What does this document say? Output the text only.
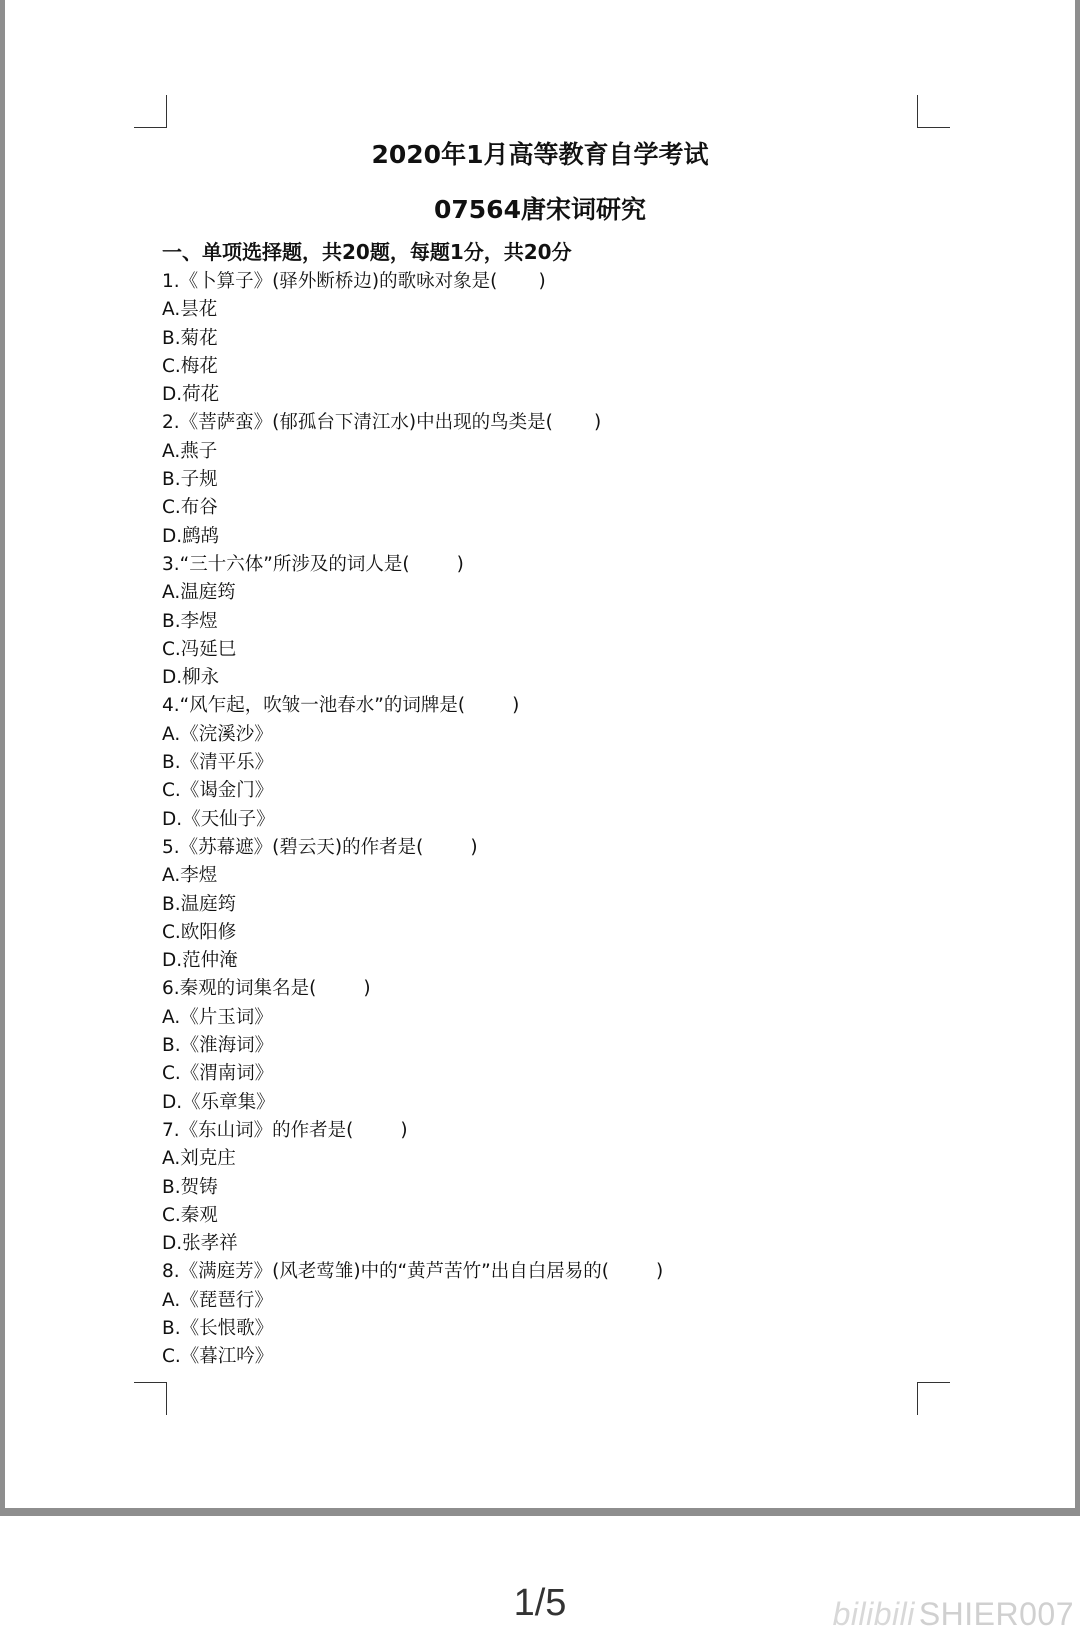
2020年1月高等教育自学考试
07564唐宋词研究
一、单项选择题，共20题，每题1分，共20分
1.《卜算子》(驿外断桥边)的歌咏对象是(       )
A.昙花
B.菊花
C.梅花
D.荷花
2.《菩萨蛮》(郁孤台下清江水)中出现的鸟类是(       )
A.燕子
B.子规
C.布谷
D.鹧鸪
3.“三十六体”所涉及的词人是(        )
A.温庭筠
B.李煜
C.冯延巳
D.柳永
4.“风乍起，吹皱一池春水”的词牌是(        )
A.《浣溪沙》
B.《清平乐》
C.《谒金门》
D.《天仙子》
5.《苏幕遮》(碧云天)的作者是(        )
A.李煜
B.温庭筠
C.欧阳修
D.范仲淹
6.秦观的词集名是(        )
A.《片玉词》
B.《淮海词》
C.《渭南词》
D.《乐章集》
7.《东山词》的作者是(        )
A.刘克庄
B.贺铸
C.秦观
D.张孝祥
8.《满庭芳》(风老莺雏)中的“黄芦苦竹”出自白居易的(        )
A.《琵琶行》
B.《长恨歌》
C.《暮江吟》
1/5	bilibili SHIER007
